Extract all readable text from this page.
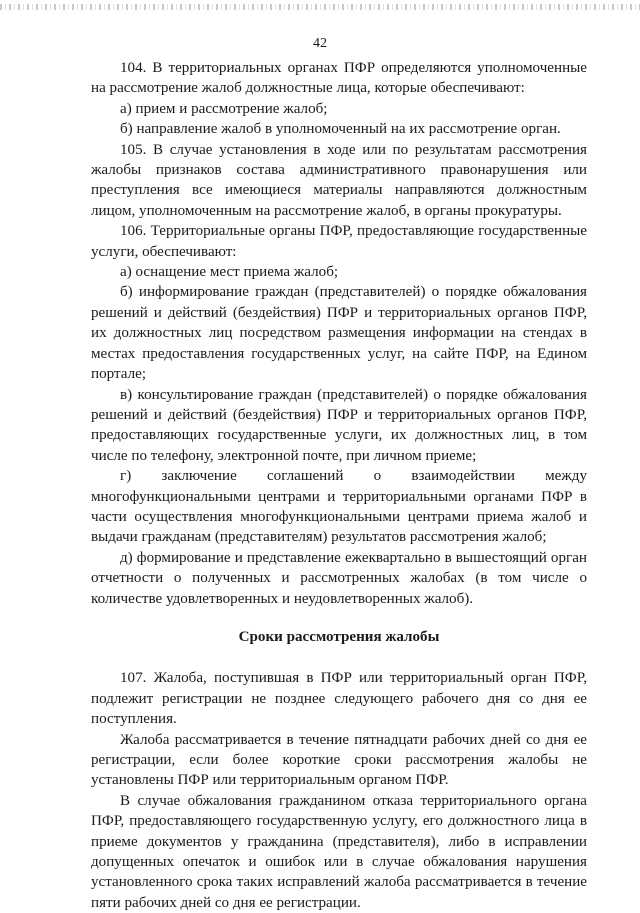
42

104. В территориальных органах ПФР определяются уполномоченные на рассмотрение жалоб должностные лица, которые обеспечивают:

а) прием и рассмотрение жалоб;

б) направление жалоб в уполномоченный на их рассмотрение орган.

105. В случае установления в ходе или по результатам рассмотрения жалобы признаков состава административного правонарушения или преступления все имеющиеся материалы направляются должностным лицом, уполномоченным на рассмотрение жалоб, в органы прокуратуры.

106. Территориальные органы ПФР, предоставляющие государственные услуги, обеспечивают:

а) оснащение мест приема жалоб;

б) информирование граждан (представителей) о порядке обжалования решений и действий (бездействия) ПФР и территориальных органов ПФР, их должностных лиц посредством размещения информации на стендах в местах предоставления государственных услуг, на сайте ПФР, на Едином портале;

в) консультирование граждан (представителей) о порядке обжалования решений и действий (бездействия) ПФР и территориальных органов ПФР, предоставляющих государственные услуги, их должностных лиц, в том числе по телефону, электронной почте, при личном приеме;

г) заключение соглашений о взаимодействии между многофункциональными центрами и территориальными органами ПФР в части осуществления многофункциональными центрами приема жалоб и выдачи гражданам (представителям) результатов рассмотрения жалоб;

д) формирование и представление ежеквартально в вышестоящий орган отчетности о полученных и рассмотренных жалобах (в том числе о количестве удовлетворенных и неудовлетворенных жалоб).

Сроки рассмотрения жалобы

107. Жалоба, поступившая в ПФР или территориальный орган ПФР, подлежит регистрации не позднее следующего рабочего дня со дня ее поступления.

Жалоба рассматривается в течение пятнадцати рабочих дней со дня ее регистрации, если более короткие сроки рассмотрения жалобы не установлены ПФР или территориальным органом ПФР.

В случае обжалования гражданином отказа территориального органа ПФР, предоставляющего государственную услугу, его должностного лица в приеме документов у гражданина (представителя), либо в исправлении допущенных опечаток и ошибок или в случае обжалования нарушения установленного срока таких исправлений жалоба рассматривается в течение пяти рабочих дней со дня ее регистрации.
